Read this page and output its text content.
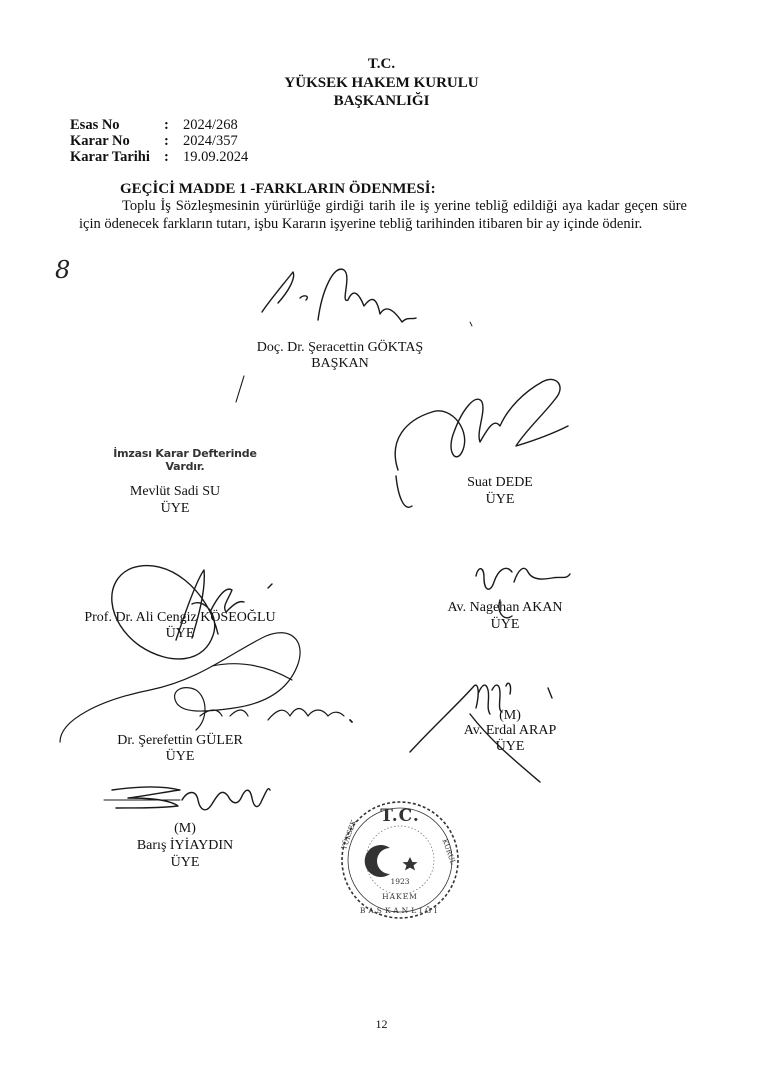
T.C.
YÜKSEK HAKEM KURULU
BAŞKANLIĞI
Esas No	: 2024/268
Karar No : 2024/357
Karar Tarihi : 19.09.2024
GEÇİCİ MADDE 1 -FARKLARIN ÖDENMESİ:
Toplu İş Sözleşmesinin yürürlüğe girdiği tarih ile iş yerine tebliğ edildiği aya kadar geçen süre için ödenecek farkların tutarı, işbu Kararın işyerine tebliğ tarihinden itibaren bir ay içinde ödenir.
8
Doç. Dr. Şeracettin GÖKTAŞ
BAŞKAN
İmzası Karar Defterinde
Vardır.
Mevlüt Sadi SU
ÜYE
Suat DEDE
ÜYE
Prof. Dr. Ali Cengiz KÖSEOĞLU
ÜYE
Av. Nagehan AKAN
ÜYE
Dr. Şerefettin GÜLER
ÜYE
(M)
Av. Erdal ARAP
ÜYE
(M)
Barış İYİAYDIN
ÜYE
12
T.C.
YÜKSEK
KURUL
1923
HAKEM
BAŞKANLIĞI
